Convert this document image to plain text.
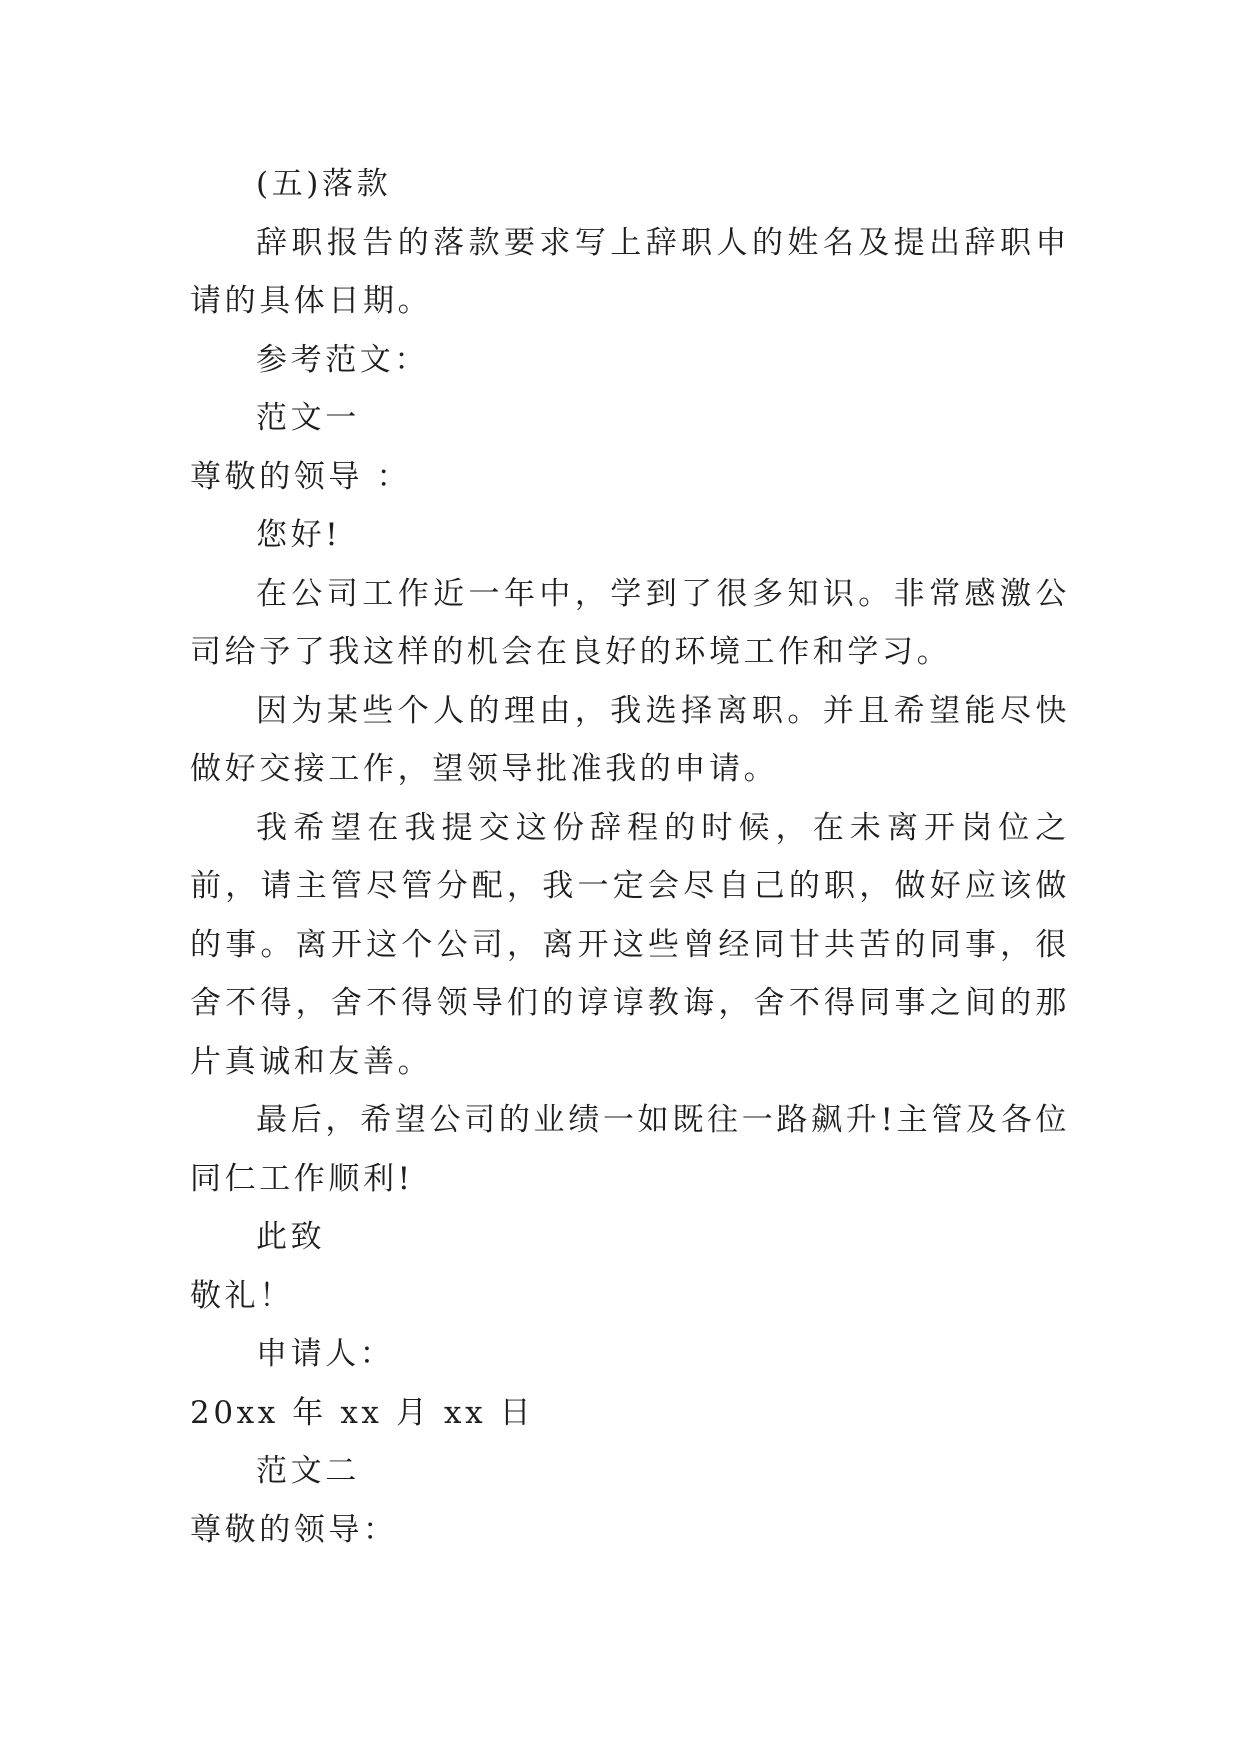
(五)落款

辞职报告的落款要求写上辞职人的姓名及提出辞职申请的具体日期。

参考范文：

范文一

尊敬的领导 ：

您好!

在公司工作近一年中，学到了很多知识。非常感激公司给予了我这样的机会在良好的环境工作和学习。

因为某些个人的理由，我选择离职。并且希望能尽快做好交接工作，望领导批准我的申请。

我希望在我提交这份辞程的时候，在未离开岗位之前，请主管尽管分配，我一定会尽自己的职，做好应该做的事。离开这个公司，离开这些曾经同甘共苦的同事，很舍不得，舍不得领导们的谆谆教诲，舍不得同事之间的那片真诚和友善。

最后，希望公司的业绩一如既往一路飙升!主管及各位同仁工作顺利!

此致

敬礼！

申请人：

20xx 年 xx 月 xx 日

范文二

尊敬的领导：
